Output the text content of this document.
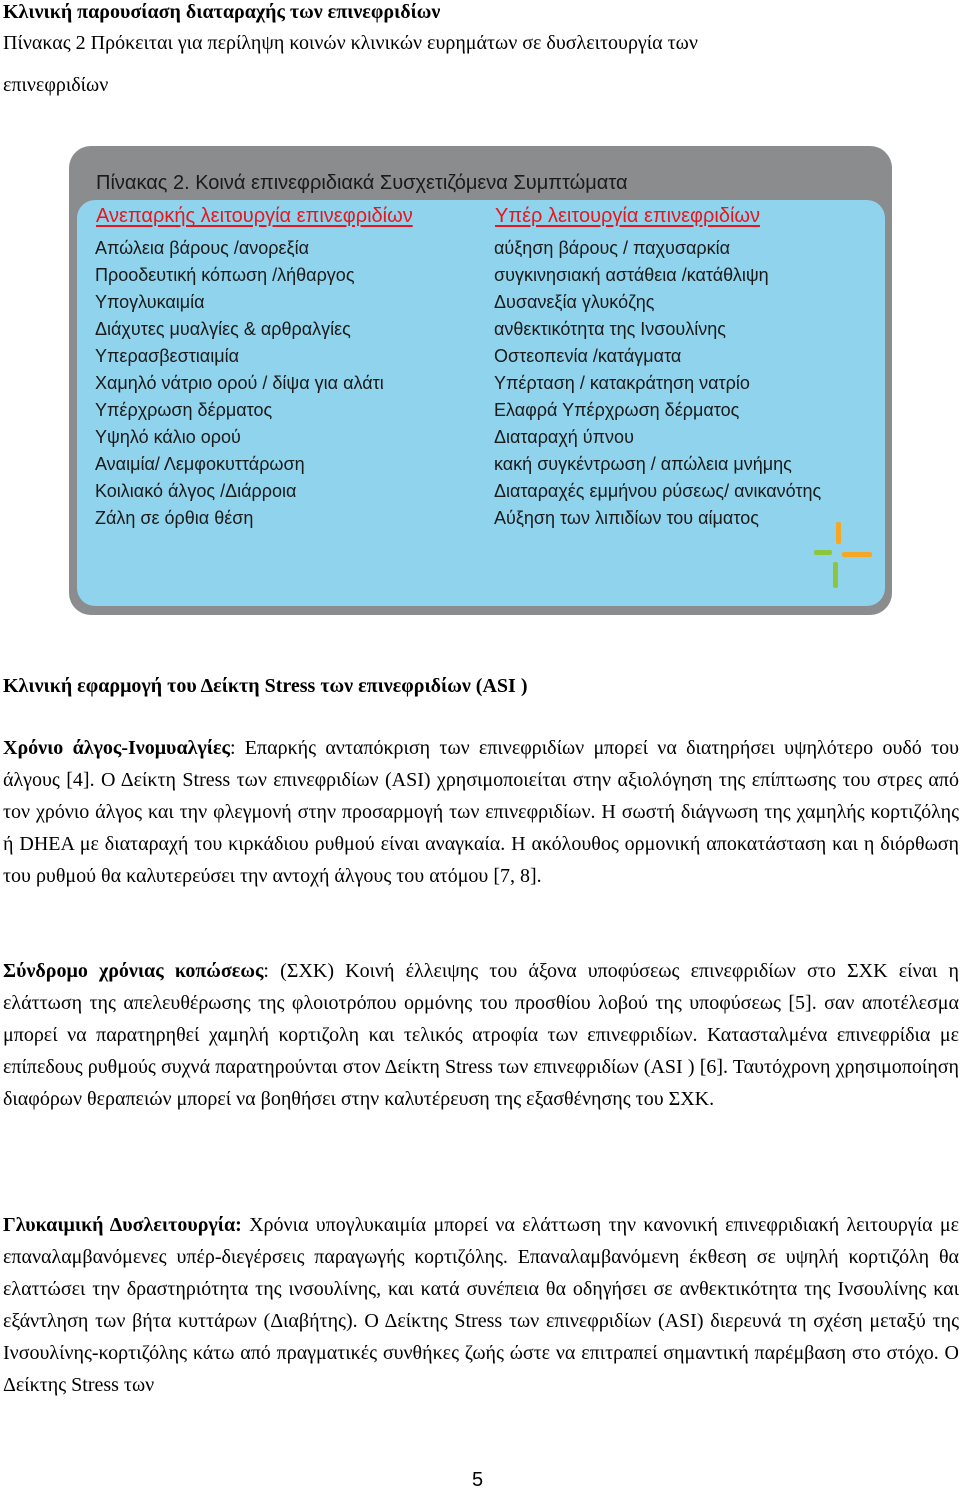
Κλινική παρουσίαση διαταραχής των επινεφριδίων
Πίνακας 2 Πρόκειται για περίληψη κοινών κλινικών ευρημάτων σε δυσλειτουργία των
επινεφριδίων
Πίνακας 2. Κοινά επινεφριδιακά Συσχετιζόμενα Συμπτώματα
Ανεπαρκής λειτουργία επινεφριδίων	Υπέρ λειτουργία επινεφριδίων
Απώλεια βάρους /ανορεξία
Προοδευτική κόπωση /λήθαργος
Υπογλυκαιμία
Διάχυτες μυαλγίες & αρθραλγίες
Υπερασβεστιαιμία
Χαμηλό νάτριο ορού / δίψα για αλάτι
Υπέρχρωση δέρματος
Υψηλό κάλιο ορού
Αναιμία/ Λεμφοκυττάρωση
Κοιλιακό άλγος /Διάρροια
Ζάλη σε όρθια θέση
αύξηση βάρους / παχυσαρκία
συγκινησιακή αστάθεια /κατάθλιψη
Δυσανεξία γλυκόζης
ανθεκτικότητα της Ινσουλίνης
Οστεοπενία /κατάγματα
Υπέρταση / κατακράτηση νατρίο
Ελαφρά Υπέρχρωση δέρματος
Διαταραχή ύπνου
κακή συγκέντρωση / απώλεια μνήμης
Διαταραχές εμμήνου ρύσεως/ ανικανότης
Αύξηση των λιπιδίων του αίματος
Κλινική εφαρμογή του Δείκτη Stress των επινεφριδίων (ASI )

Χρόνιο άλγος-Ινομυαλγίες: Επαρκής ανταπόκριση των επινεφριδίων μπορεί να διατηρήσει υψηλότερο ουδό του άλγους [4]. Ο Δείκτη Stress των επινεφριδίων (ASI) χρησιμοποιείται στην αξιολόγηση της επίπτωσης του στρες από τον χρόνιο άλγος και την φλεγμονή στην προσαρμογή των επινεφριδίων. Η σωστή διάγνωση της χαμηλής κορτιζόλης ή DHEA με διαταραχή του κιρκάδιου ρυθμού είναι αναγκαία. Η ακόλουθος ορμονική αποκατάσταση και η διόρθωση του ρυθμού θα καλυτερεύσει την αντοχή άλγους του ατόμου [7, 8].

Σύνδρομο χρόνιας κοπώσεως: (ΣΧΚ) Κοινή έλλειψης του άξονα υποφύσεως επινεφριδίων στο ΣΧΚ είναι η ελάττωση της απελευθέρωσης της φλοιοτρόπου ορμόνης του προσθίου λοβού της υποφύσεως [5]. σαν αποτέλεσμα μπορεί να παρατηρηθεί χαμηλή κορτιζολη και τελικός ατροφία των επινεφριδίων. Κατασταλμένα επινεφρίδια με επίπεδους ρυθμούς συχνά παρατηρούνται στον Δείκτη Stress των επινεφριδίων (ASI ) [6]. Ταυτόχρονη χρησιμοποίηση διαφόρων θεραπειών μπορεί να βοηθήσει στην καλυτέρευση της εξασθένησης του ΣΧΚ.

Γλυκαιμική Δυσλειτουργία: Χρόνια υπογλυκαιμία μπορεί να ελάττωση την κανονική επινεφριδιακή λειτουργία με επαναλαμβανόμενες υπέρ-διεγέρσεις παραγωγής κορτιζόλης. Επαναλαμβανόμενη έκθεση σε υψηλή κορτιζόλη θα ελαττώσει την δραστηριότητα της ινσουλίνης, και κατά συνέπεια θα οδηγήσει σε ανθεκτικότητα της Ινσουλίνης και εξάντληση των βήτα κυττάρων (Διαβήτης). Ο Δείκτης Stress των επινεφριδίων (ASI) διερευνά τη σχέση μεταξύ της Ινσουλίνης-κορτιζόλης κάτω από πραγματικές συνθήκες ζωής ώστε να επιτραπεί σημαντική παρέμβαση στο στόχο. Ο Δείκτης Stress των

5
